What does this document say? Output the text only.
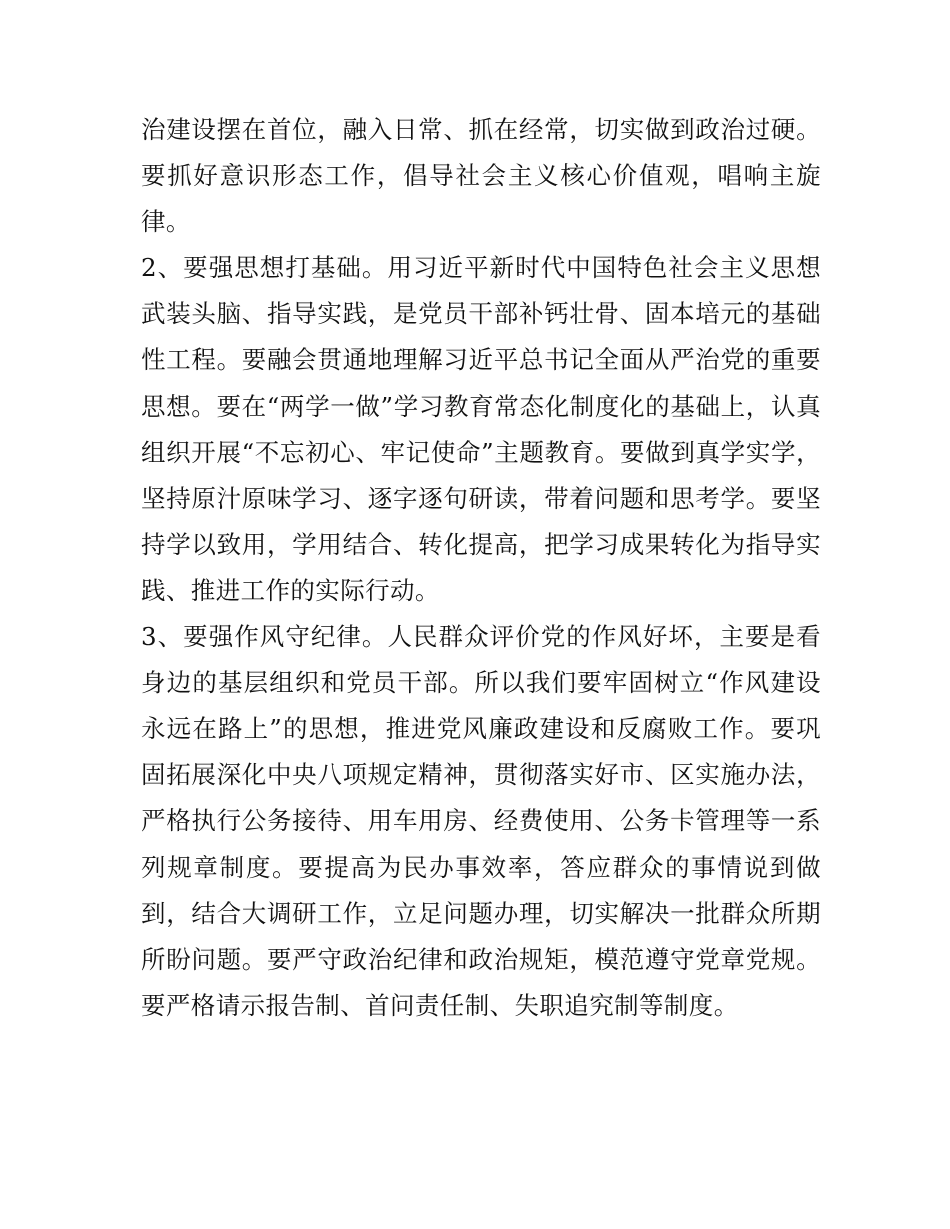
治建设摆在首位，融入日常、抓在经常，切实做到政治过硬。要抓好意识形态工作，倡导社会主义核心价值观，唱响主旋律。

2、要强思想打基础。用习近平新时代中国特色社会主义思想武装头脑、指导实践，是党员干部补钙壮骨、固本培元的基础性工程。要融会贯通地理解习近平总书记全面从严治党的重要思想。要在“两学一做”学习教育常态化制度化的基础上，认真组织开展“不忘初心、牢记使命”主题教育。要做到真学实学，坚持原汁原味学习、逐字逐句研读，带着问题和思考学。要坚持学以致用，学用结合、转化提高，把学习成果转化为指导实践、推进工作的实际行动。

3、要强作风守纪律。人民群众评价党的作风好坏，主要是看身边的基层组织和党员干部。所以我们要牢固树立“作风建设永远在路上”的思想，推进党风廉政建设和反腐败工作。要巩固拓展深化中央八项规定精神，贯彻落实好市、区实施办法，严格执行公务接待、用车用房、经费使用、公务卡管理等一系列规章制度。要提高为民办事效率，答应群众的事情说到做到，结合大调研工作，立足问题办理，切实解决一批群众所期所盼问题。要严守政治纪律和政治规矩，模范遵守党章党规。要严格请示报告制、首问责任制、失职追究制等制度。
